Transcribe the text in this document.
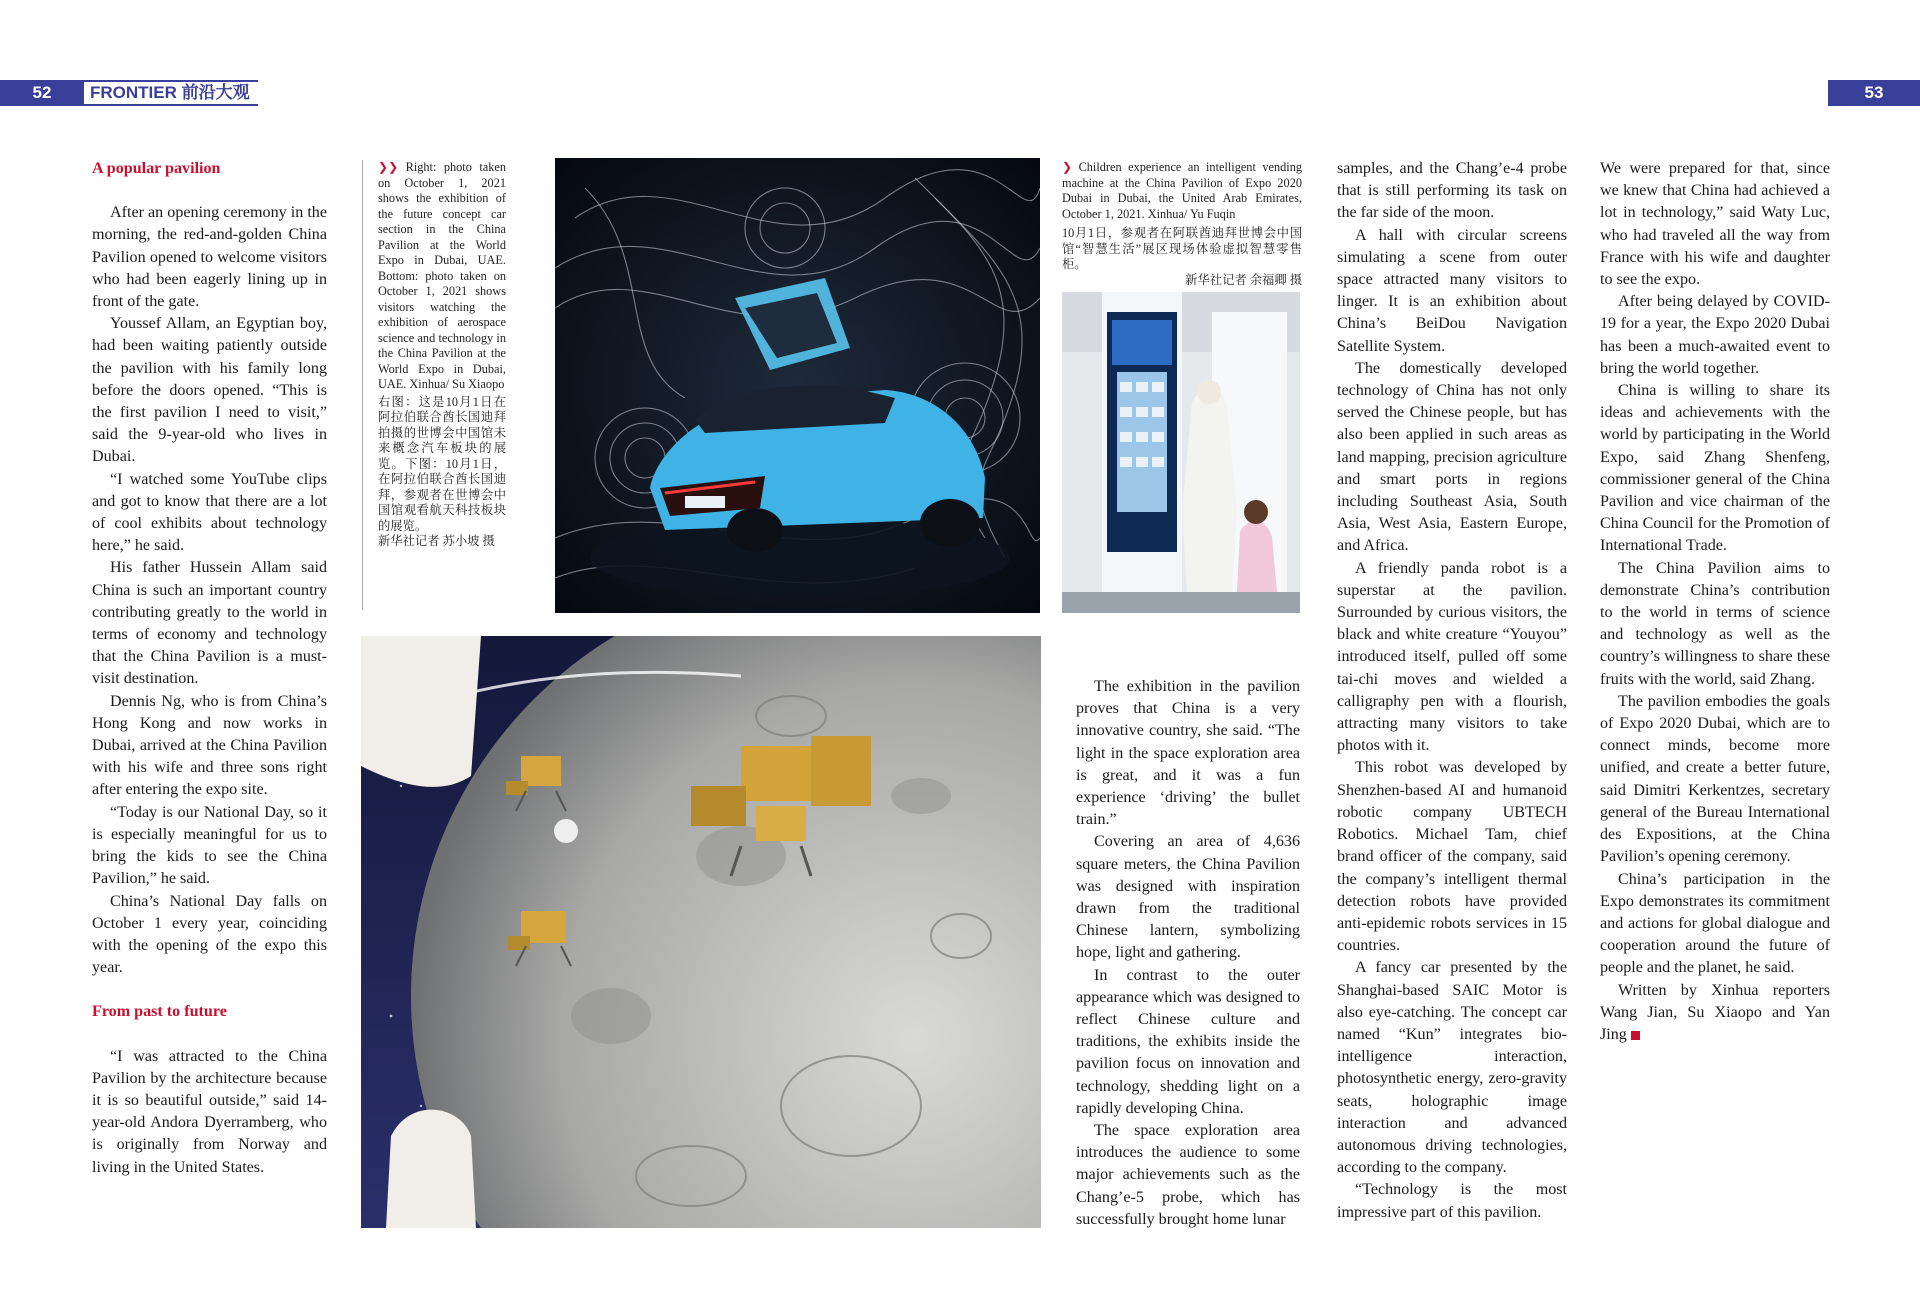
52	FRONTIER 前沿大观	53

A popular pavilion

After an opening ceremony in the morning, the red-and-golden China Pavilion opened to welcome visitors who had been eagerly lining up in front of the gate.

Youssef Allam, an Egyptian boy, had been waiting patiently outside the pavilion with his family long before the doors opened. “This is the first pavilion I need to visit,” said the 9-year-old who lives in Dubai.

“I watched some YouTube clips and got to know that there are a lot of cool exhibits about technology here,” he said.

His father Hussein Allam said China is such an important country contributing greatly to the world in terms of economy and technology that the China Pavilion is a must-visit destination.

Dennis Ng, who is from China’s Hong Kong and now works in Dubai, arrived at the China Pavilion with his wife and three sons right after entering the expo site.

“Today is our National Day, so it is especially meaningful for us to bring the kids to see the China Pavilion,” he said.

China’s National Day falls on October 1 every year, coinciding with the opening of the expo this year.

From past to future

“I was attracted to the China Pavilion by the architecture because it is so beautiful outside,” said 14-year-old Andora Dyerramberg, who is originally from Norway and living in the United States.

❯❯ Right: photo taken on October 1, 2021 shows the exhibition of the future concept car section in the China Pavilion at the World Expo in Dubai, UAE. Bottom: photo taken on October 1, 2021 shows visitors watching the exhibition of aerospace science and technology in the China Pavilion at the World Expo in Dubai, UAE. Xinhua/ Su Xiaopo

右图：这是10月1日在阿拉伯联合酋长国迪拜拍摄的世博会中国馆未来概念汽车板块的展览。下图：10月1日，在阿拉伯联合酋长国迪拜，参观者在世博会中国馆观看航天科技板块的展览。

新华社记者 苏小坡 摄

❯ Children experience an intelligent vending machine at the China Pavilion of Expo 2020 Dubai in Dubai, the United Arab Emirates, October 1, 2021. Xinhua/ Yu Fuqin

10月1日，参观者在阿联酋迪拜世博会中国馆“智慧生活”展区现场体验虚拟智慧零售柜。

新华社记者 余福卿 摄

The exhibition in the pavilion proves that China is a very innovative country, she said. “The light in the space exploration area is great, and it was a fun experience ‘driving’ the bullet train.”

Covering an area of 4,636 square meters, the China Pavilion was designed with inspiration drawn from the traditional Chinese lantern, symbolizing hope, light and gathering.

In contrast to the outer appearance which was designed to reflect Chinese culture and traditions, the exhibits inside the pavilion focus on innovation and technology, shedding light on a rapidly developing China.

The space exploration area introduces the audience to some major achievements such as the Chang’e-5 probe, which has successfully brought home lunar

samples, and the Chang’e-4 probe that is still performing its task on the far side of the moon.

A hall with circular screens simulating a scene from outer space attracted many visitors to linger. It is an exhibition about China’s BeiDou Navigation Satellite System.

The domestically developed technology of China has not only served the Chinese people, but has also been applied in such areas as land mapping, precision agriculture and smart ports in regions including Southeast Asia, South Asia, West Asia, Eastern Europe, and Africa.

A friendly panda robot is a superstar at the pavilion. Surrounded by curious visitors, the black and white creature “Youyou” introduced itself, pulled off some tai-chi moves and wielded a calligraphy pen with a flourish, attracting many visitors to take photos with it.

This robot was developed by Shenzhen-based AI and humanoid robotic company UBTECH Robotics. Michael Tam, chief brand officer of the company, said the company’s intelligent thermal detection robots have provided anti-epidemic robots services in 15 countries.

A fancy car presented by the Shanghai-based SAIC Motor is also eye-catching. The concept car named “Kun” integrates bio-intelligence interaction, photosynthetic energy, zero-gravity seats, holographic image interaction and advanced autonomous driving technologies, according to the company.

“Technology is the most impressive part of this pavilion.

We were prepared for that, since we knew that China had achieved a lot in technology,” said Waty Luc, who had traveled all the way from France with his wife and daughter to see the expo.

After being delayed by COVID-19 for a year, the Expo 2020 Dubai has been a much-awaited event to bring the world together.

China is willing to share its ideas and achievements with the world by participating in the World Expo, said Zhang Shenfeng, commissioner general of the China Pavilion and vice chairman of the China Council for the Promotion of International Trade.

The China Pavilion aims to demonstrate China’s contribution to the world in terms of science and technology as well as the country’s willingness to share these fruits with the world, said Zhang.

The pavilion embodies the goals of Expo 2020 Dubai, which are to connect minds, become more unified, and create a better future, said Dimitri Kerkentzes, secretary general of the Bureau International des Expositions, at the China Pavilion’s opening ceremony.

China’s participation in the Expo demonstrates its commitment and actions for global dialogue and cooperation around the future of people and the planet, he said.

Written by Xinhua reporters Wang Jian, Su Xiaopo and Yan Jing
